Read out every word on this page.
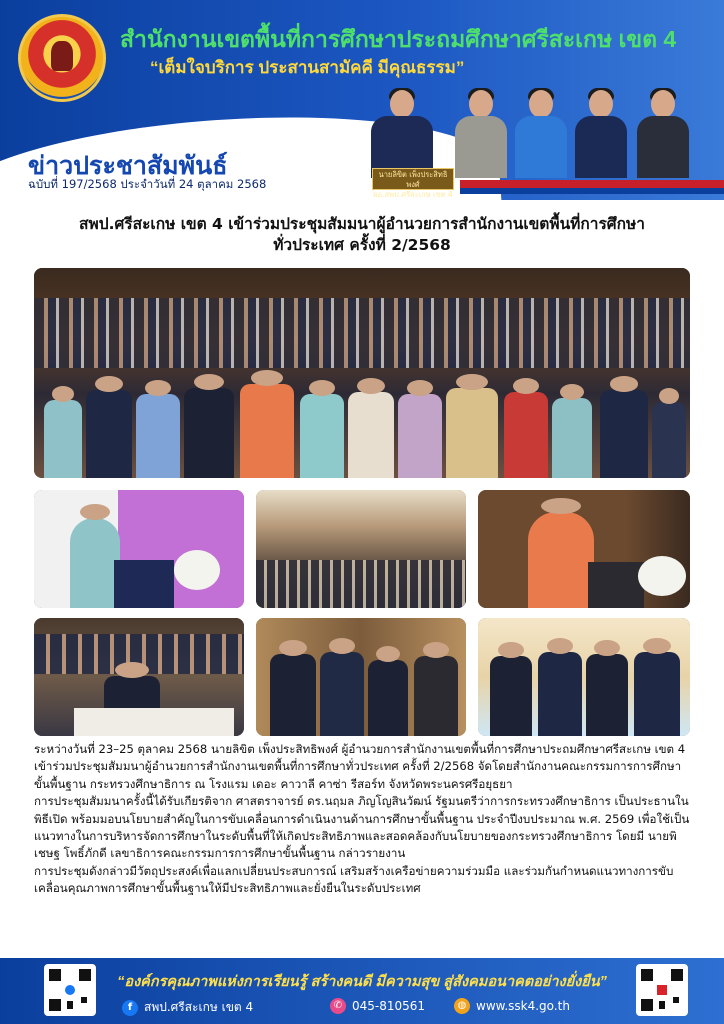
สำนักงานเขตพื้นที่การศึกษาประถมศึกษาศรีสะเกษ เขต 4
“เต็มใจบริการ ประสานสามัคคี มีคุณธรรม”
ข่าวประชาสัมพันธ์
ฉบับที่ 197/2568 ประจำวันที่ 24 ตุลาคม 2568
นายลิขิต เพ็งประสิทธิพงศ์
ผอ.สพป.ศรีสะเกษ เขต 4
สพป.ศรีสะเกษ เขต 4 เข้าร่วมประชุมสัมมนาผู้อำนวยการสำนักงานเขตพื้นที่การศึกษา
ทั่วประเทศ ครั้งที่ 2/2568

ระหว่างวันที่ 23–25 ตุลาคม 2568 นายลิขิต เพ็งประสิทธิพงศ์ ผู้อำนวยการสำนักงานเขตพื้นที่การศึกษาประถมศึกษาศรีสะเกษ เขต 4 เข้าร่วมประชุมสัมมนาผู้อำนวยการสำนักงานเขตพื้นที่การศึกษาทั่วประเทศ ครั้งที่ 2/2568 จัดโดยสำนักงานคณะกรรมการการศึกษาขั้นพื้นฐาน กระทรวงศึกษาธิการ ณ โรงแรม เดอะ คาวาลี คาซ่า รีสอร์ท จังหวัดพระนครศรีอยุธยา

การประชุมสัมมนาครั้งนี้ได้รับเกียรติจาก ศาสตราจารย์ ดร.นฤมล ภิญโญสินวัฒน์ รัฐมนตรีว่าการกระทรวงศึกษาธิการ เป็นประธานในพิธีเปิด พร้อมมอบนโยบายสำคัญในการขับเคลื่อนการดำเนินงานด้านการศึกษาขั้นพื้นฐาน ประจำปีงบประมาณ พ.ศ. 2569 เพื่อใช้เป็นแนวทางในการบริหารจัดการศึกษาในระดับพื้นที่ให้เกิดประสิทธิภาพและสอดคล้องกับนโยบายของกระทรวงศึกษาธิการ โดยมี นายพิเชษฐ โพธิ์ภักดี เลขาธิการคณะกรรมการการศึกษาขั้นพื้นฐาน กล่าวรายงาน

การประชุมดังกล่าวมีวัตถุประสงค์เพื่อแลกเปลี่ยนประสบการณ์ เสริมสร้างเครือข่ายความร่วมมือ และร่วมกันกำหนดแนวทางการขับเคลื่อนคุณภาพการศึกษาขั้นพื้นฐานให้มีประสิทธิภาพและยั่งยืนในระดับประเทศ

“องค์กรคุณภาพแห่งการเรียนรู้ สร้างคนดี มีความสุข สู่สังคมอนาคตอย่างยั่งยืน”
f สพป.ศรีสะเกษ เขต 4	✆ 045-810561	◍ www.ssk4.go.th
